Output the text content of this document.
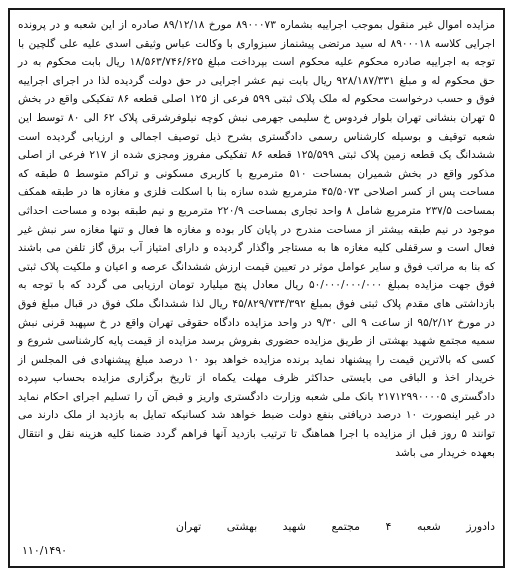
مزایده اموال غیر منقول بموجب اجراییه بشماره ۸۹۰۰۰۷۳ مورخ ۸۹/۱۲/۱۸ صادره از این شعبه و در پرونده اجرایی کلاسه ۸۹۰۰۰۱۸ له سید مرتضی پیشنماز سبزواری با وکالت عباس وثیقی اسدی علیه علی گلچین با توجه به اجراییه صادره محکوم علیه محکوم است بپرداخت مبلغ ۱۸/۵۶۳/۷۴۶/۶۲۵ ریال بابت محکوم به در حق محکوم له و مبلغ ۹۲۸/۱۸۷/۳۳۱ ریال بابت نیم عشر اجرایی در حق دولت گردیده لذا در اجرای اجراییه فوق و حسب درخواست محکوم له ملک پلاک ثبتی ۵۹۹ فرعی از ۱۲۵ اصلی قطعه ۸۶ تفکیکی واقع در بخش ۵ تهران بنشانی تهران بلوار فردوس خ سلیمی جهرمی نبش کوچه نیلوفرشرقی پلاک ۶۲ الی ۸۰ توسط این شعبه توقیف و بوسیله کارشناس رسمی دادگستری بشرح ذیل توصیف اجمالی و ارزیابی گردیده است ششدانگ یک قطعه زمین پلاک ثبتی ۱۲۵/۵۹۹ قطعه ۸۶ تفکیکی مفروز ومجزی شده از ۲۱۷ فرعی از اصلی مذکور واقع در بخش شمیران بمساحت ۵۱۰ مترمربع با کاربری مسکونی و تراکم متوسط ۵ طبقه که مساحت پس از کسر اصلاحی ۴۵/۵۰۷۳ مترمربع شده سازه بنا با اسکلت فلزی و مغازه ها در طبقه همکف بمساحت ۲۳۷/۵ مترمربع شامل ۸ واحد تجاری بمساحت ۲۲۰/۹ مترمربع و نیم طبقه بوده و مساحت احداثی موجود در نیم طبقه بیشتر از مساحت مندرج در پایان کار بوده و مغازه ها فعال و تنها مغازه سر نبش غیر فعال است و سرقفلی کلیه مغازه ها به مستاجر واگذار گردیده و دارای امتیاز آب برق گاز تلفن می باشند که بنا به مراتب فوق و سایر عوامل موثر در تعیین قیمت ارزش ششدانگ عرصه و اعیان و ملکیت پلاک ثبتی فوق جهت مزایده بمبلغ ۵۰/۰۰۰/۰۰۰/۰۰۰ ریال معادل پنج میلیارد تومان ارزیابی می گردد که با توجه به بازداشتی های مقدم پلاک ثبتی فوق بمبلغ ۴۵/۸۲۹/۷۳۴/۳۹۲ ریال لذا ششدانگ ملک فوق در قبال مبلغ فوق در مورخ ۹۵/۲/۱۲ از ساعت ۹ الی ۹/۳۰ در واحد مزایده دادگاه حقوقی تهران واقع در خ سپهبد قرنی نبش سمیه مجتمع شهید بهشتی از طریق مزایده حضوری بفروش برسد مزایده از قیمت پایه کارشناسی شروع و کسی که بالاترین قیمت را پیشنهاد نماید برنده مزایده خواهد بود ۱۰ درصد مبلغ پیشنهادی فی المجلس از خریدار اخذ و الباقی می بایستی حداکثر ظرف مهلت یکماه از تاریخ برگزاری مزایده بحساب سپرده دادگستری ۲۱۷۱۲۹۹۰۰۰۰۵ بانک ملی شعبه وزارت دادگستری واریز و قبض آن را تسلیم اجرای احکام نماید در غیر اینصورت ۱۰ درصد دریافتی بنفع دولت ضبط خواهد شد کسانیکه تمایل به بازدید از ملک دارند می توانند ۵ روز قبل از مزایده با اجرا هماهنگ تا ترتیب بازدید آنها فراهم گردد ضمنا کلیه هزینه نقل و انتقال بعهده خریدار می باشد

دادورز شعبه ۴ مجتمع شهید بهشتی تهران
۱۱۰/۱۴۹۰
